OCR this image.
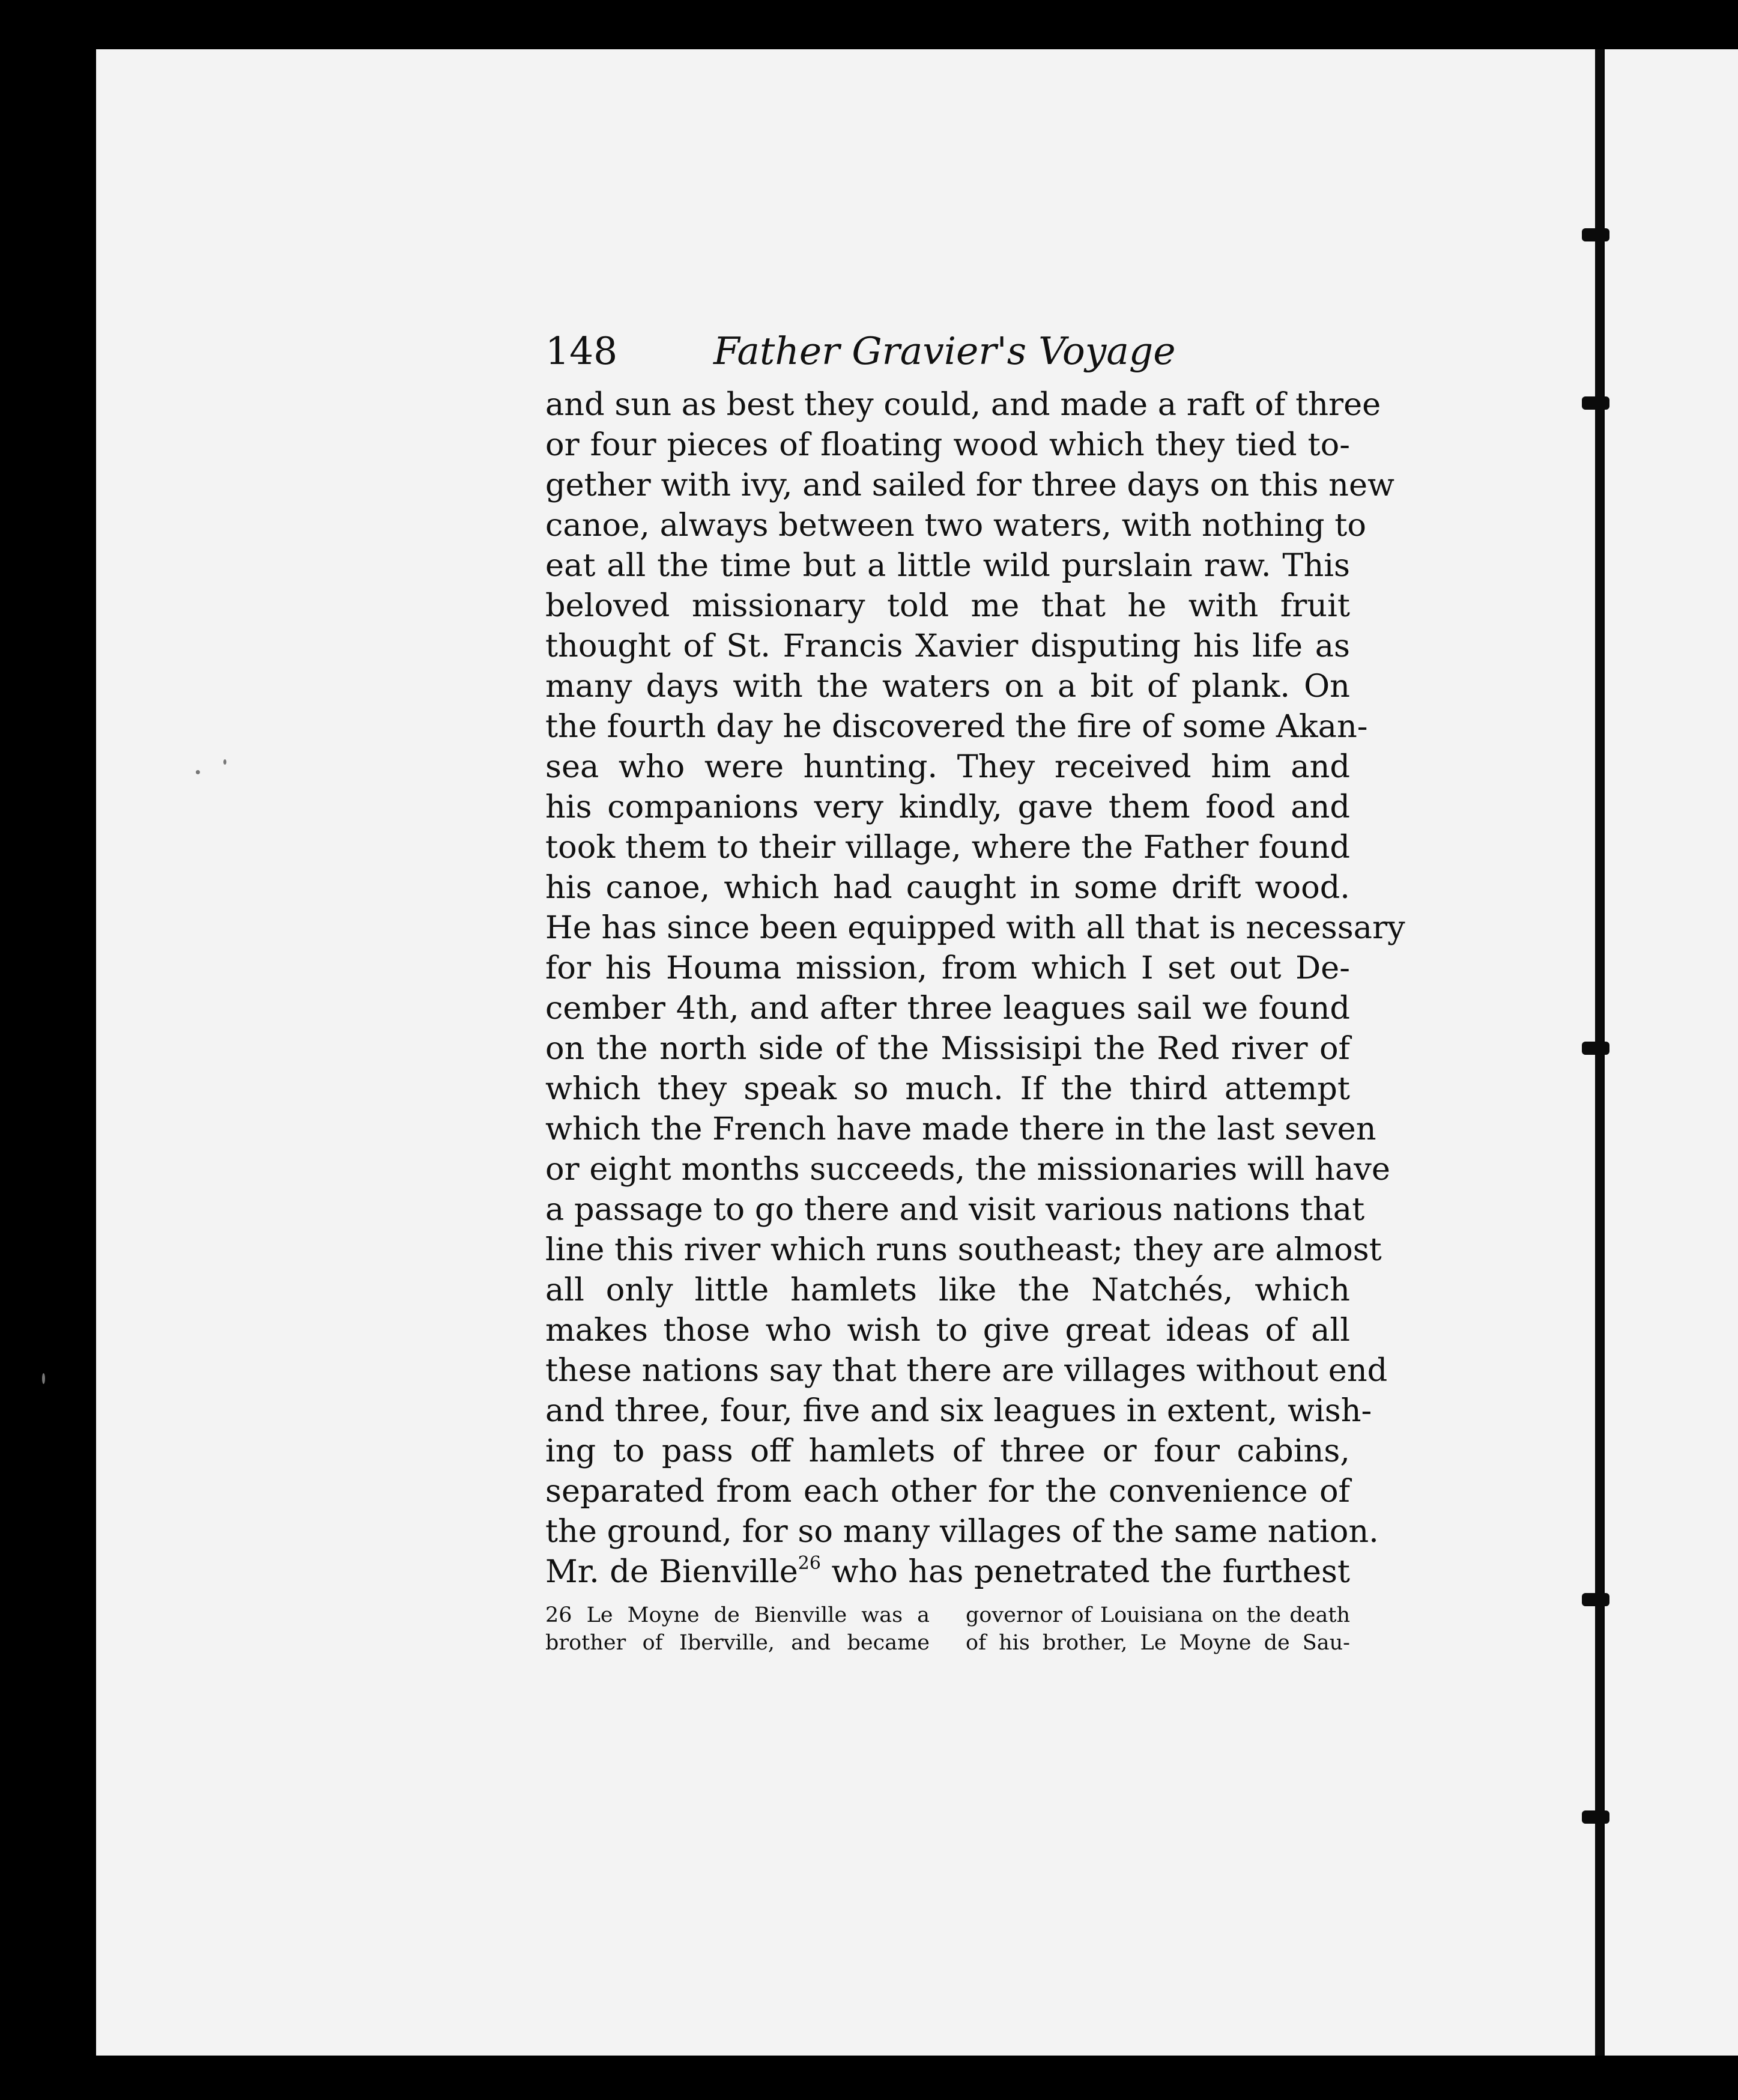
148	Father Gravier's Voyage
and sun as best they could, and made a raft of three
or four pieces of floating wood which they tied to-
gether with ivy, and sailed for three days on this new
canoe, always between two waters, with nothing to
eat all the time but a little wild purslain raw. This
beloved missionary told me that he with fruit
thought of St. Francis Xavier disputing his life as
many days with the waters on a bit of plank. On
the fourth day he discovered the fire of some Akan-
sea who were hunting. They received him and
his companions very kindly, gave them food and
took them to their village, where the Father found
his canoe, which had caught in some drift wood.
He has since been equipped with all that is necessary
for his Houma mission, from which I set out De-
cember 4th, and after three leagues sail we found
on the north side of the Missisipi the Red river of
which they speak so much. If the third attempt
which the French have made there in the last seven
or eight months succeeds, the missionaries will have
a passage to go there and visit various nations that
line this river which runs southeast; they are almost
all only little hamlets like the Natchés, which
makes those who wish to give great ideas of all
these nations say that there are villages without end
and three, four, five and six leagues in extent, wish-
ing to pass off hamlets of three or four cabins,
separated from each other for the convenience of
the ground, for so many villages of the same nation.
Mr. de Bienville$^{26}$ who has penetrated the furthest
26 Le Moyne de Bienville was a
brother of Iberville, and became
governor of Louisiana on the death
of his brother, Le Moyne de Sau-
